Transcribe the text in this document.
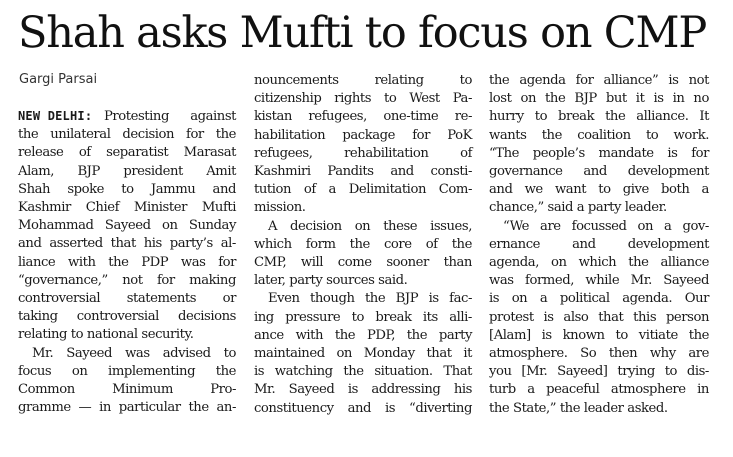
Shah asks Mufti to focus on CMP
Gargi Parsai
NEW DELHI: Protesting against
the unilateral decision for the
release of separatist Marasat
Alam, BJP president Amit
Shah spoke to Jammu and
Kashmir Chief Minister Mufti
Mohammad Sayeed on Sunday
and asserted that his party’s al-
liance with the PDP was for
“governance,” not for making
controversial statements or
taking controversial decisions
relating to national security.
Mr. Sayeed was advised to
focus on implementing the
Common	Minimum	Pro-
gramme — in particular the an-
nouncements	relating	to
citizenship rights to West Pa-
kistan refugees, one-time re-
habilitation package for PoK
refugees, rehabilitation of
Kashmiri Pandits and consti-
tution of a Delimitation Com-
mission.
A decision on these issues,
which form the core of the
CMP, will come sooner than
later, party sources said.
Even though the BJP is fac-
ing pressure to break its alli-
ance with the PDP, the party
maintained on Monday that it
is watching the situation. That
Mr. Sayeed is addressing his
constituency and is “diverting
the agenda for alliance” is not
lost on the BJP but it is in no
hurry to break the alliance. It
wants the coalition to work.
“The people’s mandate is for
governance and development
and we want to give both a
chance,” said a party leader.
“We are focussed on a gov-
ernance and development
agenda, on which the alliance
was formed, while Mr. Sayeed
is on a political agenda. Our
protest is also that this person
[Alam] is known to vitiate the
atmosphere. So then why are
you [Mr. Sayeed] trying to dis-
turb a peaceful atmosphere in
the State,” the leader asked.
